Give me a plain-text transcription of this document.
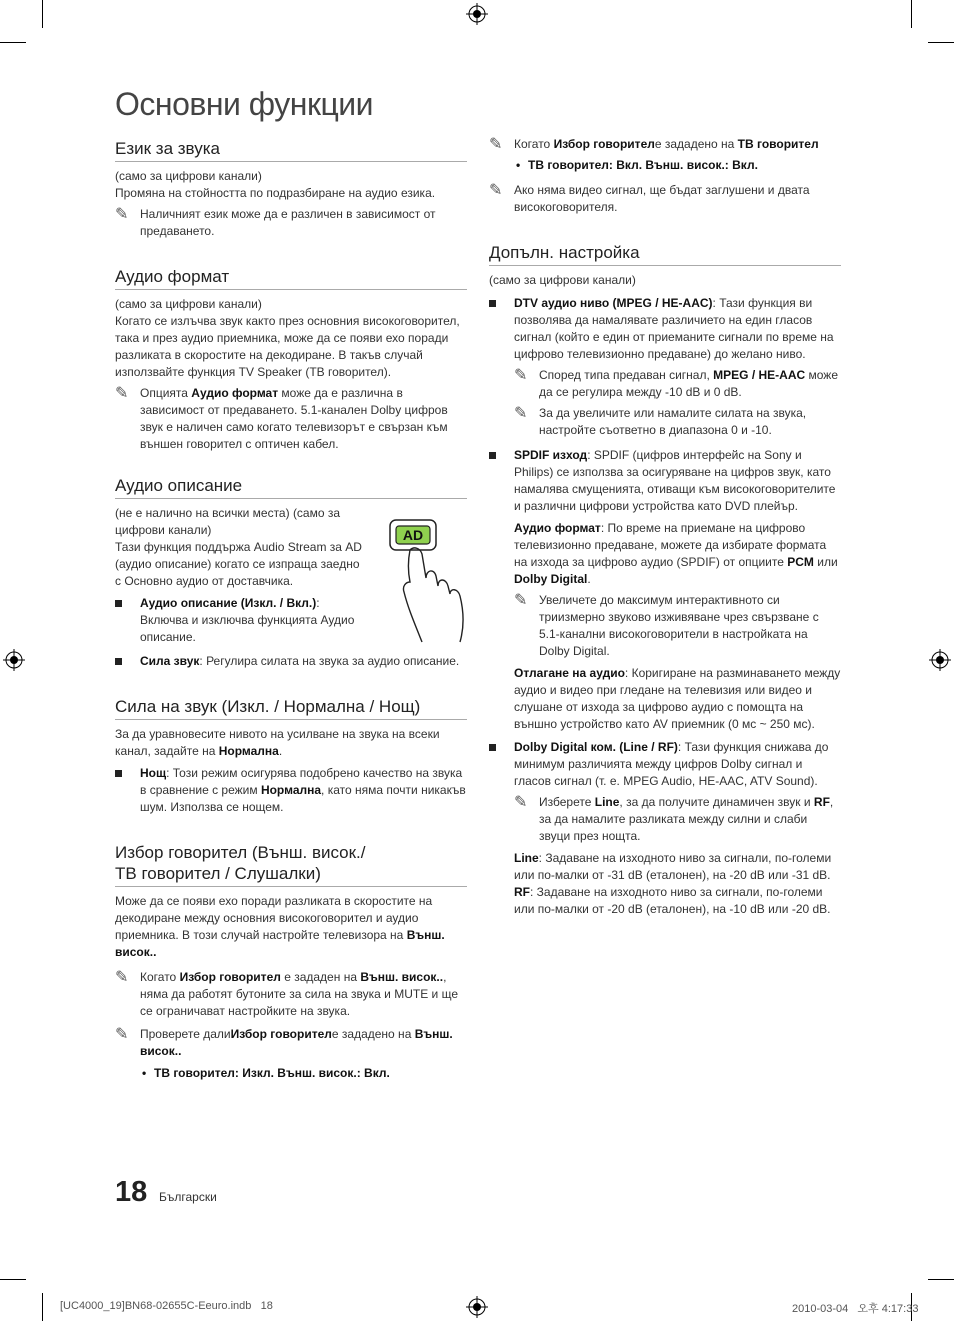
Основни функции
Език за звука

(само за цифрови канали)

Промяна на стойността по подразбиране на аудио езика.

✎ Наличният език може да е различен в зависимост от предаването.
Аудио формат

(само за цифрови канали)

Когато се излъчва звук както през основния високоговорител, така и през аудио приемника, може да се появи ехо поради разликата в скоростите на декодиране. В такъв случай използвайте функция TV Speaker (ТВ говорител).

✎ Опцията Аудио формат може да е различна в зависимост от предаването. 5.1-канален Dolby цифров звук е наличен само когато телевизорът е свързан към външен говорител с оптичен кабел.
Аудио описание

(не е налично на всички места) (само за цифрови канали)

Тази функция поддържа Audio Stream за AD (аудио описание) когато се изпраща заедно с Основно аудио от доставчика.

Аудио описание (Изкл. / Вкл.): Включва и изключва функцията Аудио описание.
Сила звук: Регулира силата на звука за аудио описание.
Сила на звук (Изкл. / Нормална / Нощ)

За да уравновесите нивото на усилване на звука на всеки канал, задайте на Нормална.

Нощ: Този режим осигурява подобрено качество на звука в сравнение с режим Нормална, като няма почти никакъв шум. Използва се нощем.
Избор говорител (Външ. висок./
ТВ говорител / Слушалки)

Може да се появи ехо поради разликата в скоростите на декодиране между основния високоговорител и аудио приемника. В този случай настройте телевизора на Външ. висок..

✎ Когато Избор говорител е зададен на Външ. висок.., няма да работят бутоните за сила на звука и MUTE и ще се ограничават настройките на звука.
✎ Проверете далиИзбор говорителе зададено на Външ. висок..
• ТВ говорител: Изкл. Външ. висок.: Вкл.
AD
✎ Когато Избор говорителе зададено на ТВ говорител
• ТВ говорител: Вкл. Външ. висок.: Вкл.
✎ Ако няма видео сигнал, ще бъдат заглушени и двата високоговорителя.
Допълн. настройка

(само за цифрови канали)

DTV аудио ниво (MPEG / HE-AAC): Тази функция ви позволява да намалявате различието на един гласов сигнал (който е един от приеманите сигнали по време на цифрово телевизионно предаване) до желано ниво.
✎ Според типа предаван сигнал, MPEG / HE-AAC може да се регулира между -10 dB и 0 dB.
✎ За да увеличите или намалите силата на звука, настройте съответно в диапазона 0 и -10.
SPDIF изход: SPDIF (цифров интерфейс на Sony и Philips) се използва за осигуряване на цифров звук, като намалява смущенията, отиващи към високоговорителите и различни цифрови устройства като DVD плейър.

Аудио формат: По време на приемане на цифрово телевизионно предаване, можете да избирате формата на изхода за цифрово аудио (SPDIF) от опциите PCM или Dolby Digital.

✎ Увеличете до максимум интерактивното си триизмерно звуково изживяване чрез свързване с 5.1-канални високоговорители в настройката на Dolby Digital.

Отлагане на аудио: Коригиране на разминаването между аудио и видео при гледане на телевизия или видео и слушане от изхода за цифрово аудио с помощта на външно устройство като AV приемник (0 мс ~ 250 мс).

Dolby Digital ком. (Line / RF): Тази функция снижава до минимум различията между цифров Dolby сигнал и гласов сигнал (т. е. MPEG Audio, HE-AAC, ATV Sound).
✎ Изберете Line, за да получите динамичен звук и RF, за да намалите разликата между силни и слаби звуци през нощта.

Line: Задаване на изходното ниво за сигнали, по-големи или по-малки от -31 dB (еталонен), на -20 dB или -31 dB.

RF: Задаване на изходното ниво за сигнали, по-големи или по-малки от -20 dB (еталонен), на -10 dB или -20 dB.

18 Български
[UC4000_19]BN68-02655C-Eeuro.indb   18	2010-03-04   오후 4:17:33
